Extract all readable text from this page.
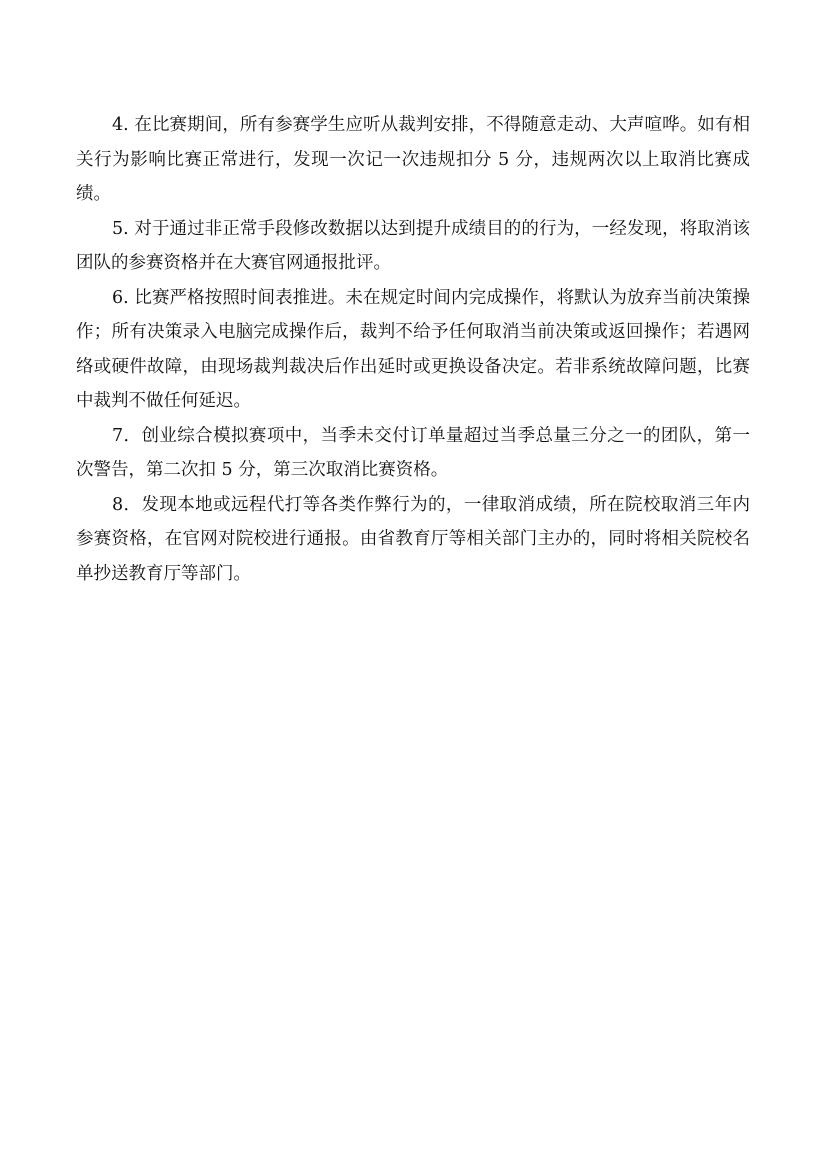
4. 在比赛期间，所有参赛学生应听从裁判安排，不得随意走动、大声喧哗。如有相关行为影响比赛正常进行，发现一次记一次违规扣分 5 分，违规两次以上取消比赛成绩。

5. 对于通过非正常手段修改数据以达到提升成绩目的的行为，一经发现，将取消该团队的参赛资格并在大赛官网通报批评。

6. 比赛严格按照时间表推进。未在规定时间内完成操作，将默认为放弃当前决策操作；所有决策录入电脑完成操作后，裁判不给予任何取消当前决策或返回操作；若遇网络或硬件故障，由现场裁判裁决后作出延时或更换设备决定。若非系统故障问题，比赛中裁判不做任何延迟。

7．创业综合模拟赛项中，当季未交付订单量超过当季总量三分之一的团队，第一次警告，第二次扣 5 分，第三次取消比赛资格。

8．发现本地或远程代打等各类作弊行为的，一律取消成绩，所在院校取消三年内参赛资格，在官网对院校进行通报。由省教育厅等相关部门主办的，同时将相关院校名单抄送教育厅等部门。
